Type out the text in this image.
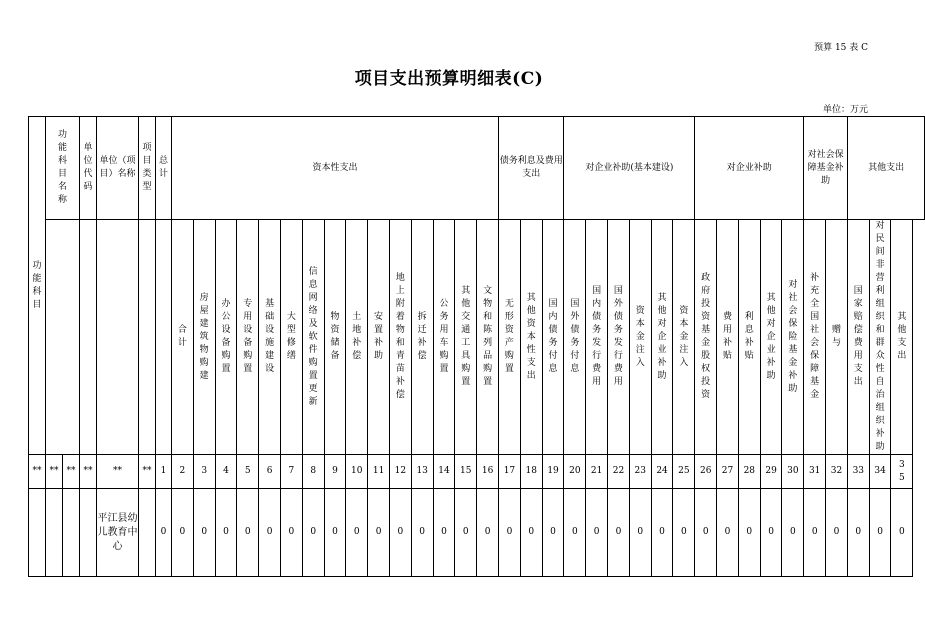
预算 15 表 C
项目支出预算明细表(C)
单位：万元
功能科目	功能科目名称		单位代码	单位（项目）名称	项目类型	总计	资本性支出															债务利息及费用支出			对企业补助(基本建设)						对企业补助					对社会保障基金补助		其他支出		
							合计	房屋建筑物购建	办公设备购置	专用设备购置	基础设施建设	大型修缮	信息网络及软件购置更新	物资储备	土地补偿	安置补助	地上附着物和青苗补偿	拆迁补偿	公务用车购置	其他交通工具购置	文物和陈列品购置	无形资产购置	其他资本性支出	国内债务付息	国外债务付息	国内债务发行费用	国外债务发行费用	资本金注入	其他对企业补助	资本金注入	政府投资基金股权投资	费用补贴	利息补贴	其他对企业补助	对社会保险基金补助	补充全国社会保障基金	赠与	国家赔偿费用支出	对民间非营利组织和群众性自治组织补助	其他支出
**	**	**	**	**	**	1	2	3	4	5	6	7	8	9	10	11	12	13	14	15	16	17	18	19	20	21	22	23	24	25	26	27	28	29	30	31	32	33	34	35
				平江县幼儿教育中心		0	0	0	0	0	0	0	0	0	0	0	0	0	0	0	0	0	0	0	0	0	0	0	0	0	0	0	0	0	0	0	0	0	0	0
